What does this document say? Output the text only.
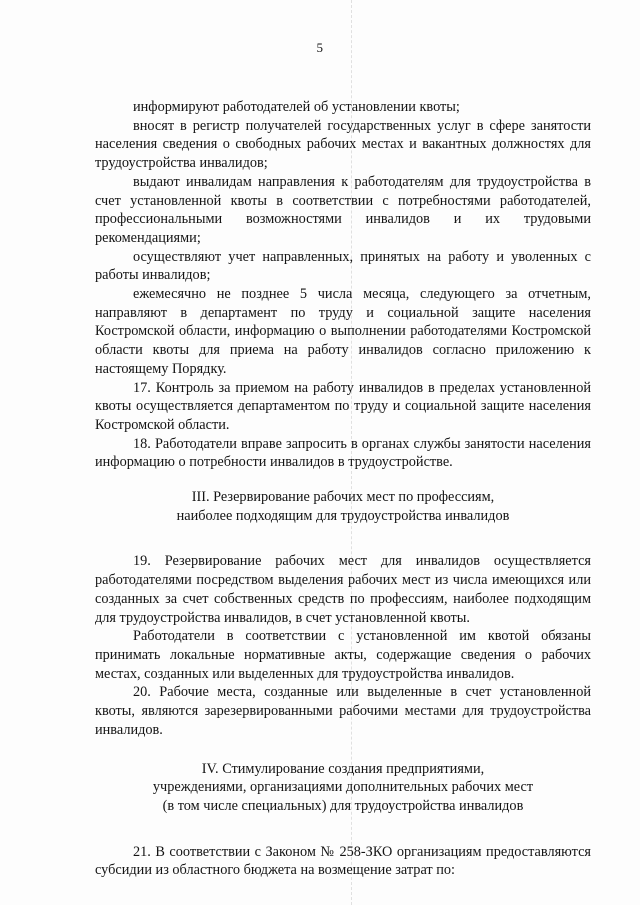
5

информируют работодателей об установлении квоты;

вносят в регистр получателей государственных услуг в сфере занятости населения сведения о свободных рабочих местах и вакантных должностях для трудоустройства инвалидов;

выдают инвалидам направления к работодателям для трудоустройства в счет установленной квоты в соответствии с потребностями работодателей, профессиональными возможностями инвалидов и их трудовыми рекомендациями;

осуществляют учет направленных, принятых на работу и уволенных с работы инвалидов;

ежемесячно не позднее 5 числа месяца, следующего за отчетным, направляют в департамент по труду и социальной защите населения Костромской области, информацию о выполнении работодателями Костромской области квоты для приема на работу инвалидов согласно приложению к настоящему Порядку.

17. Контроль за приемом на работу инвалидов в пределах установленной квоты осуществляется департаментом по труду и социальной защите населения Костромской области.

18. Работодатели вправе запросить в органах службы занятости населения информацию о потребности инвалидов в трудоустройстве.

III. Резервирование рабочих мест по профессиям,
наиболее подходящим для трудоустройства инвалидов

19. Резервирование рабочих мест для инвалидов осуществляется работодателями посредством выделения рабочих мест из числа имеющихся или созданных за счет собственных средств по профессиям, наиболее подходящим для трудоустройства инвалидов, в счет установленной квоты.

Работодатели в соответствии с установленной им квотой обязаны принимать локальные нормативные акты, содержащие сведения о рабочих местах, созданных или выделенных для трудоустройства инвалидов.

20. Рабочие места, созданные или выделенные в счет установленной квоты, являются зарезервированными рабочими местами для трудоустройства инвалидов.

IV. Стимулирование создания предприятиями,
учреждениями, организациями дополнительных рабочих мест
(в том числе специальных) для трудоустройства инвалидов

21. В соответствии с Законом № 258-ЗКО организациям предоставляются субсидии из областного бюджета на возмещение затрат по:
